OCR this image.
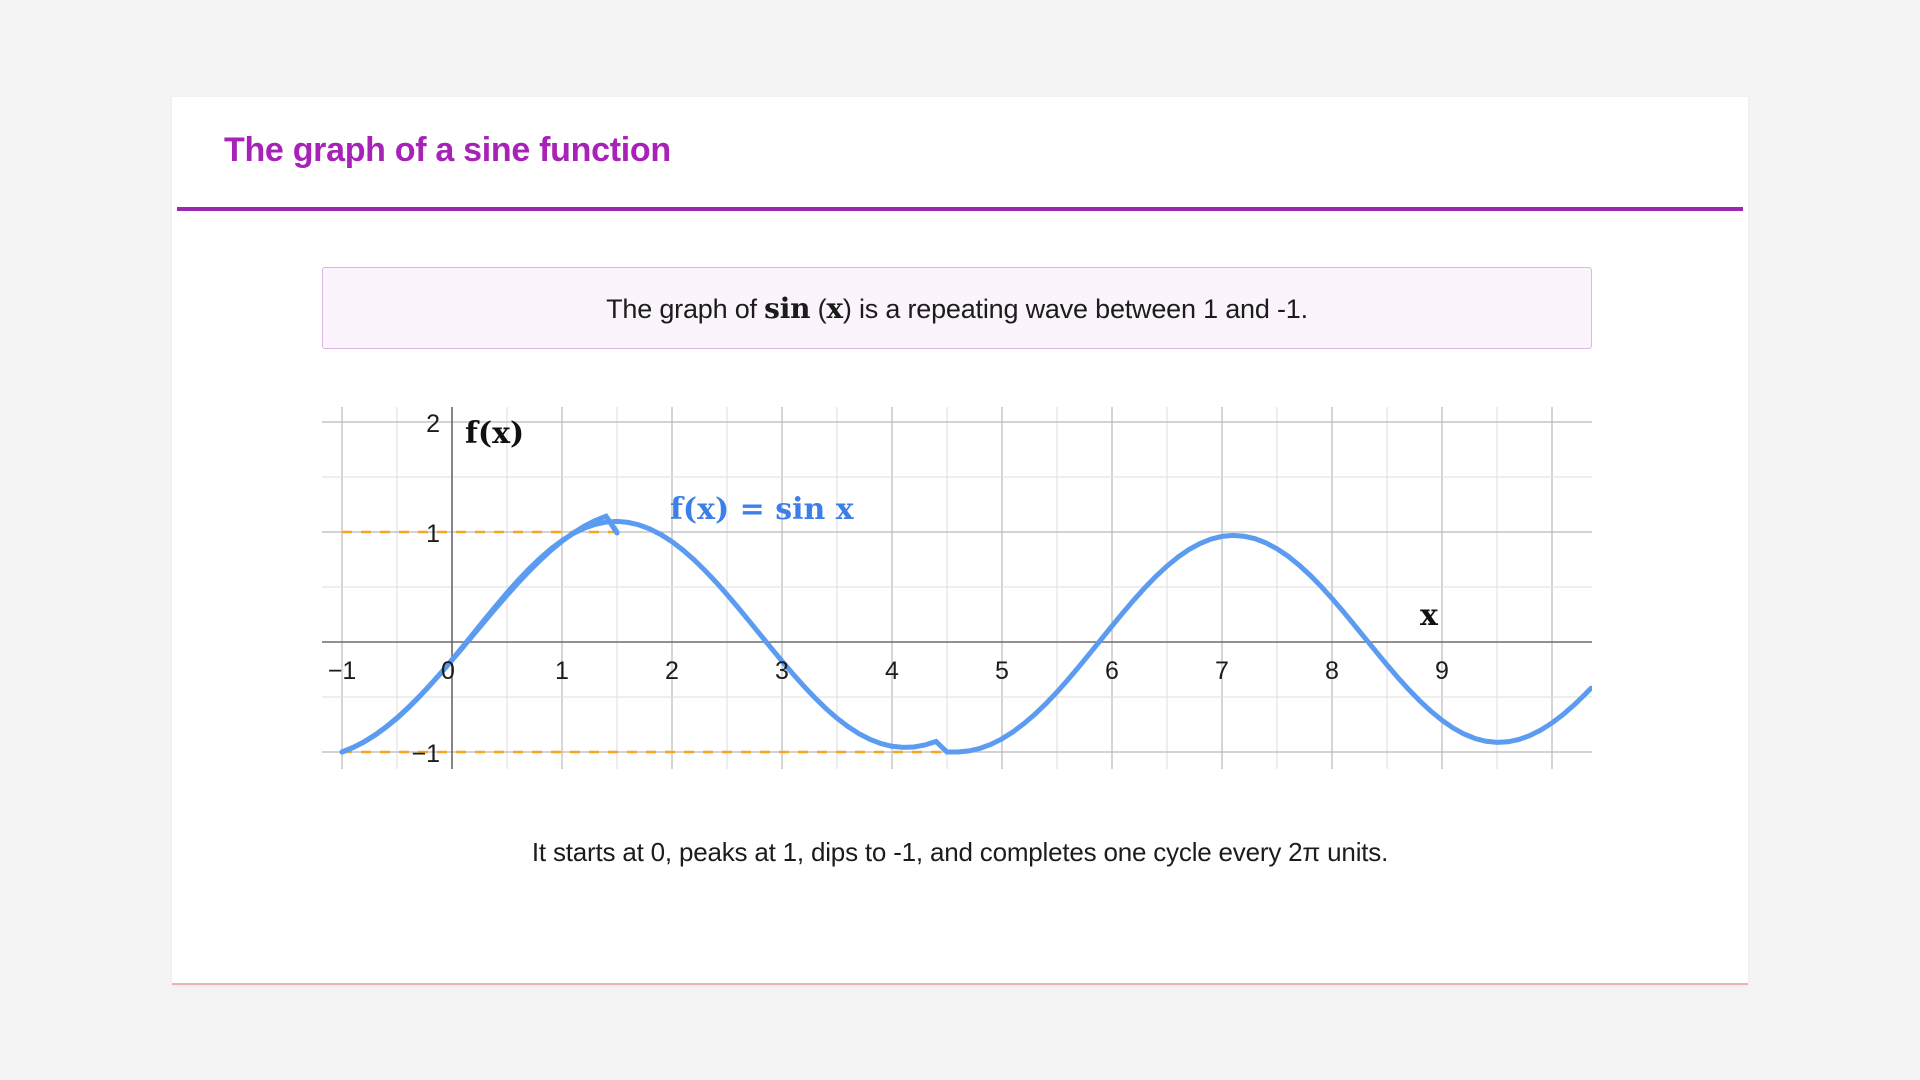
The graph of a sine function
The graph of sin (x) is a repeating wave between 1 and -1.
−1	0	1	2	3	4	5	6	7	8	9
2
1
−1
f(x)
x
f(x) = sin x
It starts at 0, peaks at 1, dips to -1, and completes one cycle every 2π units.
